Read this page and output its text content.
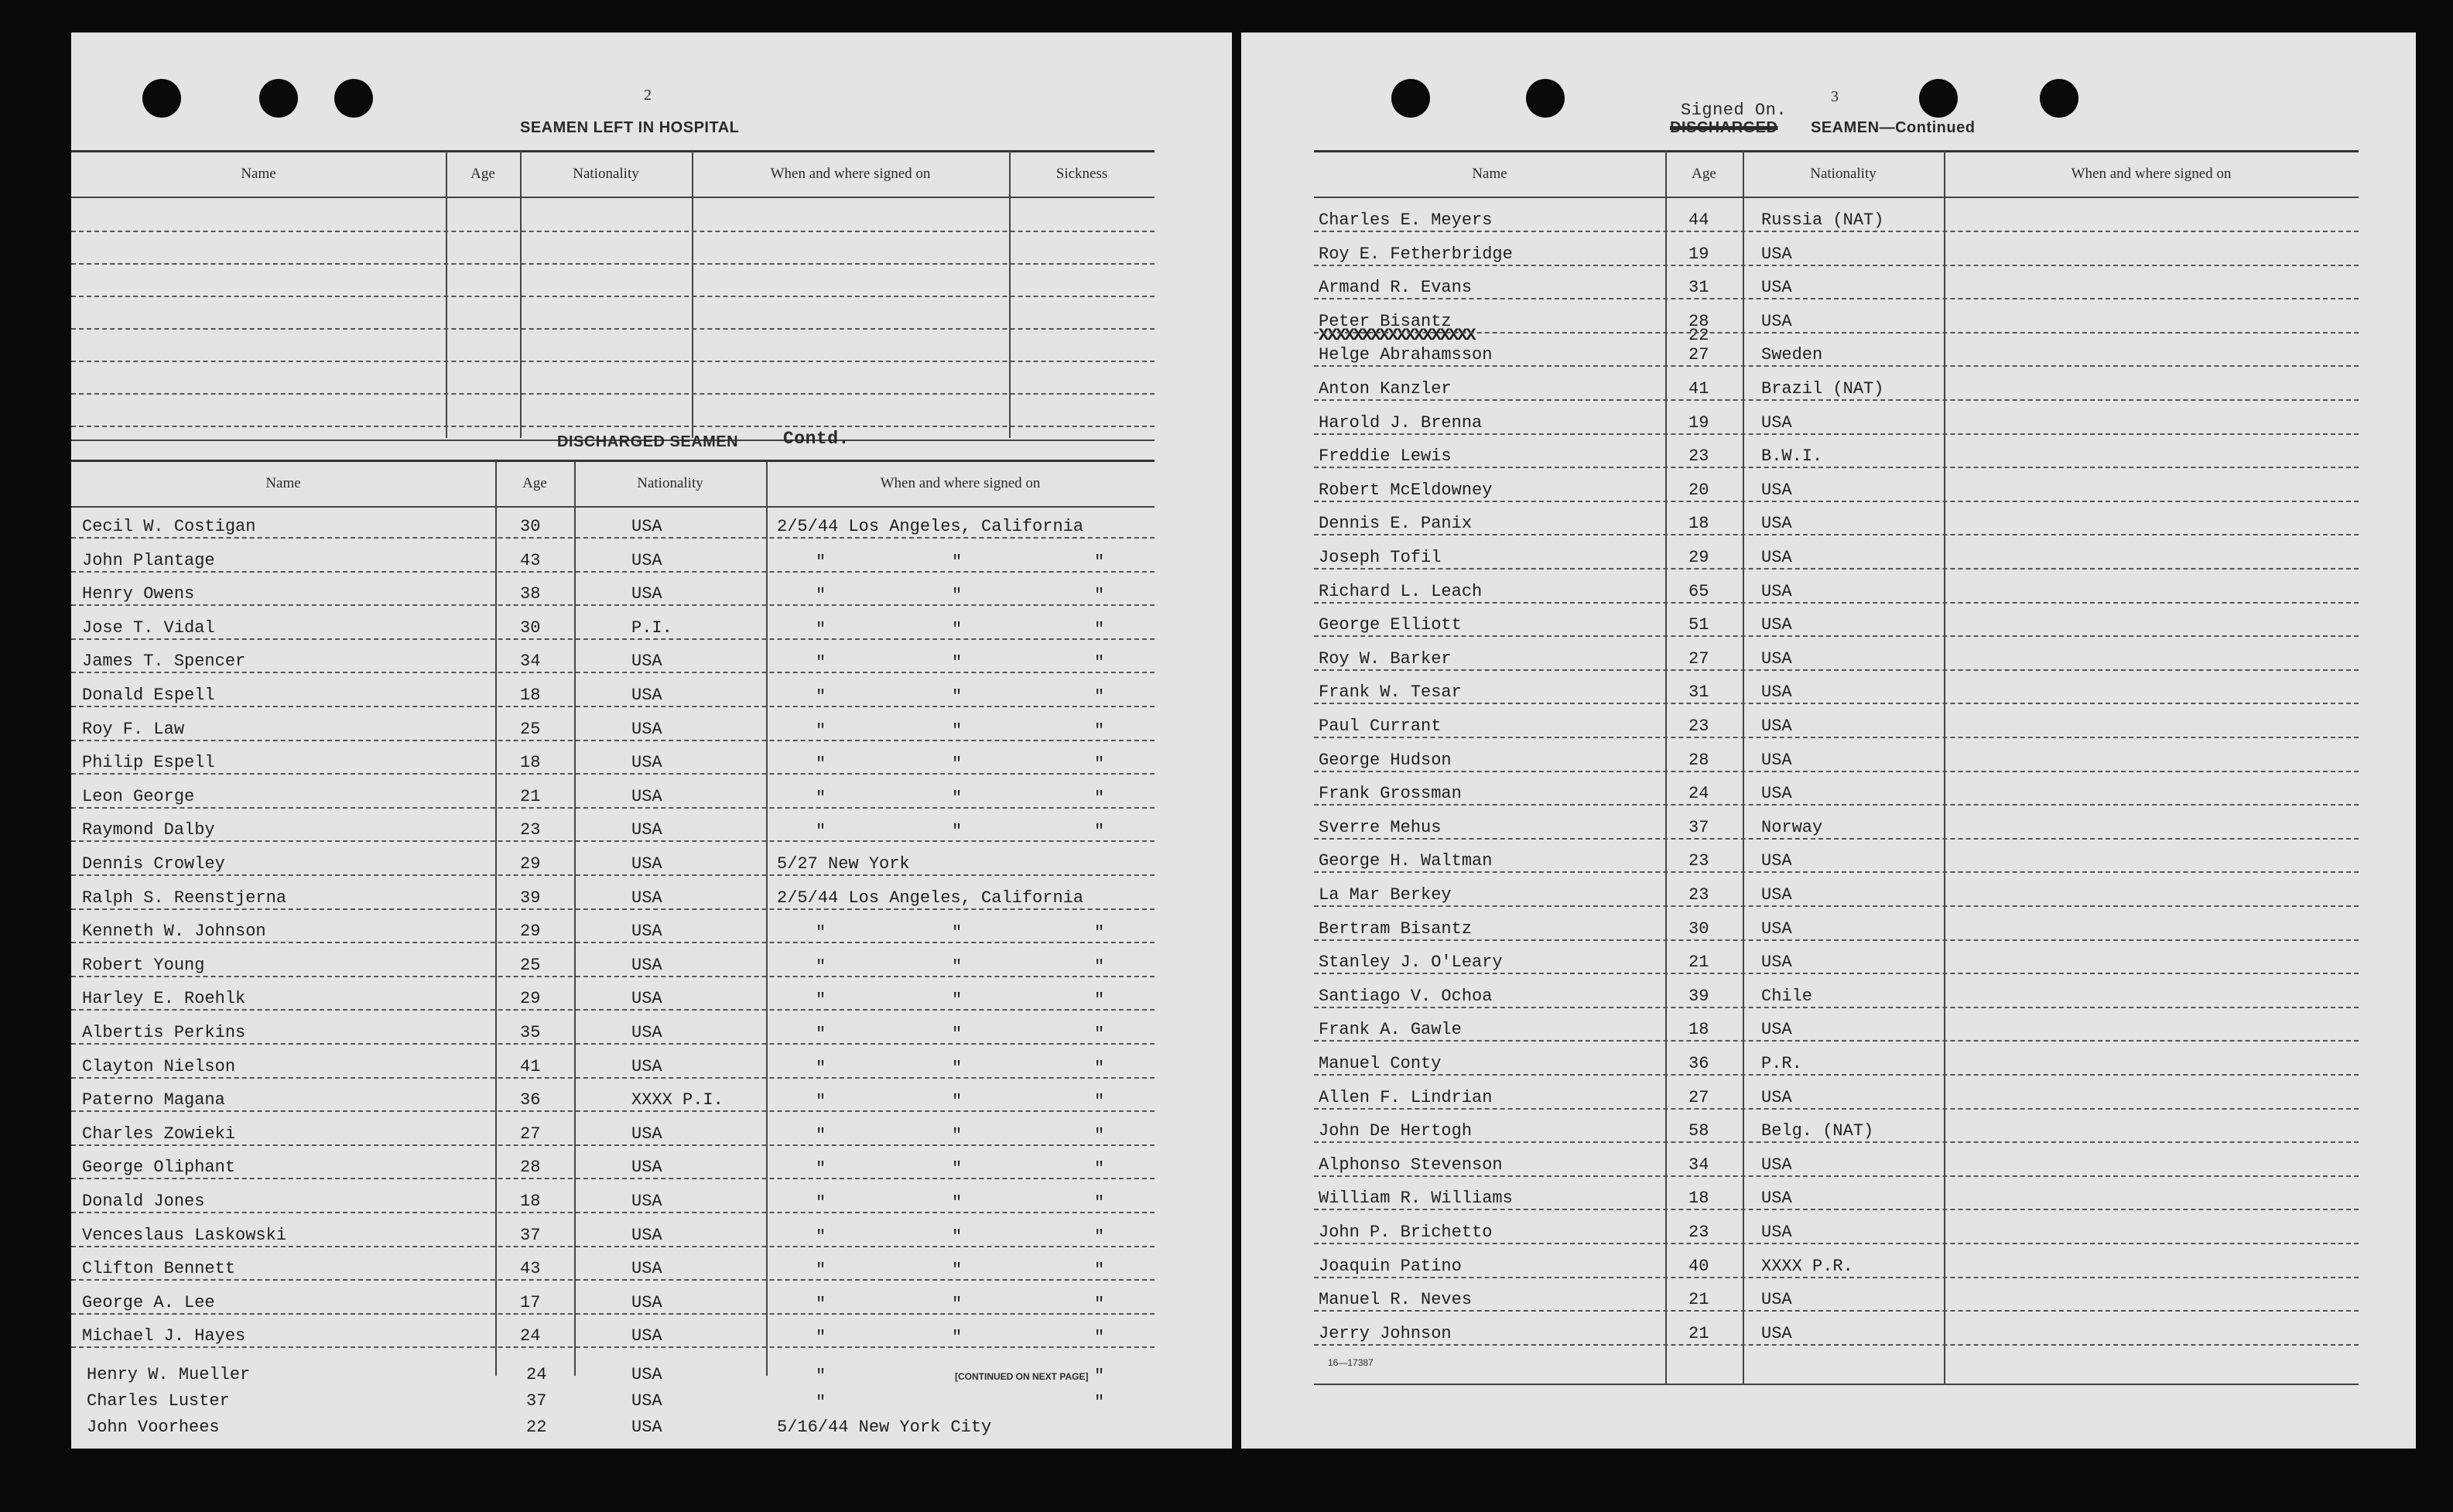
2
SEAMEN LEFT IN HOSPITAL
Name	Age	Nationality	When and where signed on	Sickness
DISCHARGED SEAMEN	Contd.
Name	Age	Nationality	When and where signed on
Cecil W. Costigan	30	USA	2/5/44 Los Angeles, California
John Plantage	43	USA	"	"	"
Henry Owens	38	USA	"	"	"
Jose T. Vidal	30	P.I.	"	"	"
James T. Spencer	34	USA	"	"	"
Donald Espell	18	USA	"	"	"
Roy F. Law	25	USA	"	"	"
Philip Espell	18	USA	"	"	"
Leon George	21	USA	"	"	"
Raymond Dalby	23	USA	"	"	"
Dennis Crowley	29	USA	5/27 New York
Ralph S. Reenstjerna	39	USA	2/5/44 Los Angeles, California
Kenneth W. Johnson	29	USA	"	"	"
Robert Young	25	USA	"	"	"
Harley E. Roehlk	29	USA	"	"	"
Albertis Perkins	35	USA	"	"	"
Clayton Nielson	41	USA	"	"	"
Paterno Magana	36	XXXX P.I.	"	"	"
Charles Zowieki	27	USA	"	"	"
George Oliphant	28	USA	"	"	"
Donald Jones	18	USA	"	"	"
Venceslaus Laskowski	37	USA	"	"	"
Clifton Bennett	43	USA	"	"	"
George A. Lee	17	USA	"	"	"
Michael J. Hayes	24	USA	"	"	"
[CONTINUED ON NEXT PAGE]
Henry W. Mueller	24	USA	"	"
Charles Luster	37	USA	"	"
John Voorhees	22	USA	5/16/44 New York City
3
Signed On.
DISCHARGED SEAMEN—Continued
Name	Age	Nationality	When and where signed on
Charles E. Meyers	44	Russia (NAT)
Roy E. Fetherbridge	19	USA
Armand R. Evans	31	USA
Peter Bisantz	28	USA
XXXXXXXXXXXXXXXXXX	22
Helge Abrahamsson	27	Sweden
Anton Kanzler	41	Brazil (NAT)
Harold J. Brenna	19	USA
Freddie Lewis	23	B.W.I.
Robert McEldowney	20	USA
Dennis E. Panix	18	USA
Joseph Tofil	29	USA
Richard L. Leach	65	USA
George Elliott	51	USA
Roy W. Barker	27	USA
Frank W. Tesar	31	USA
Paul Currant	23	USA
George Hudson	28	USA
Frank Grossman	24	USA
Sverre Mehus	37	Norway
George H. Waltman	23	USA
La Mar Berkey	23	USA
Bertram Bisantz	30	USA
Stanley J. O'Leary	21	USA
Santiago V. Ochoa	39	Chile
Frank A. Gawle	18	USA
Manuel Conty	36	P.R.
Allen F. Lindrian	27	USA
John De Hertogh	58	Belg. (NAT)
Alphonso Stevenson	34	USA
William R. Williams	18	USA
John P. Brichetto	23	USA
Joaquin Patino	40	XXXX P.R.
Manuel R. Neves	21	USA
Jerry Johnson	21	USA
16—17387
